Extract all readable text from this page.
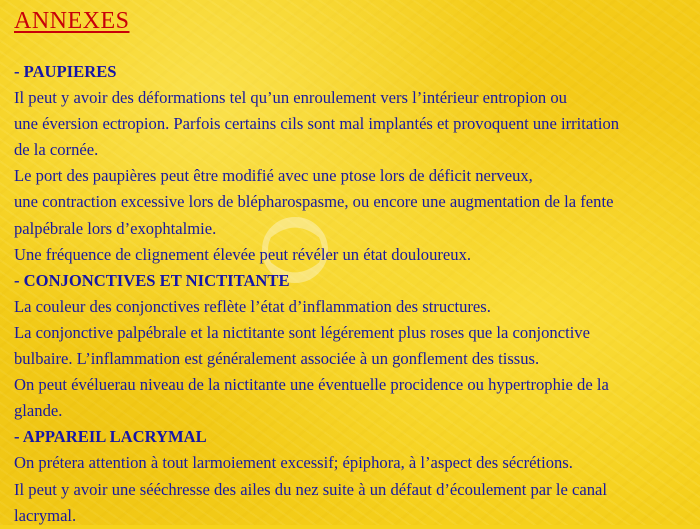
ANNEXES

- PAUPIERES

Il peut y avoir des déformations tel qu’un enroulement vers l’intérieur entropion ou

une éversion ectropion. Parfois certains cils sont mal implantés et provoquent une irritation

de la cornée.

Le port des paupières peut être modifié avec une ptose lors de déficit nerveux,

une contraction excessive lors de blépharospasme, ou encore une augmentation de la fente

palpébrale lors d’exophtalmie.

Une fréquence de clignement élevée peut révéler un état douloureux.

- CONJONCTIVES ET NICTITANTE

La couleur des conjonctives reflète l’état d’inflammation des structures.

La conjonctive palpébrale et la nictitante sont légérement plus roses que la conjonctive

bulbaire. L’inflammation est généralement associée à un gonflement des tissus.

On peut évéluerau niveau de la nictitante une éventuelle procidence ou hypertrophie de la

glande.

- APPAREIL LACRYMAL

On prétera attention à tout larmoiement excessif; épiphora, à l’aspect des sécrétions.

Il peut y avoir une sééchresse des ailes du nez suite à un défaut d’écoulement par le canal

lacrymal.
